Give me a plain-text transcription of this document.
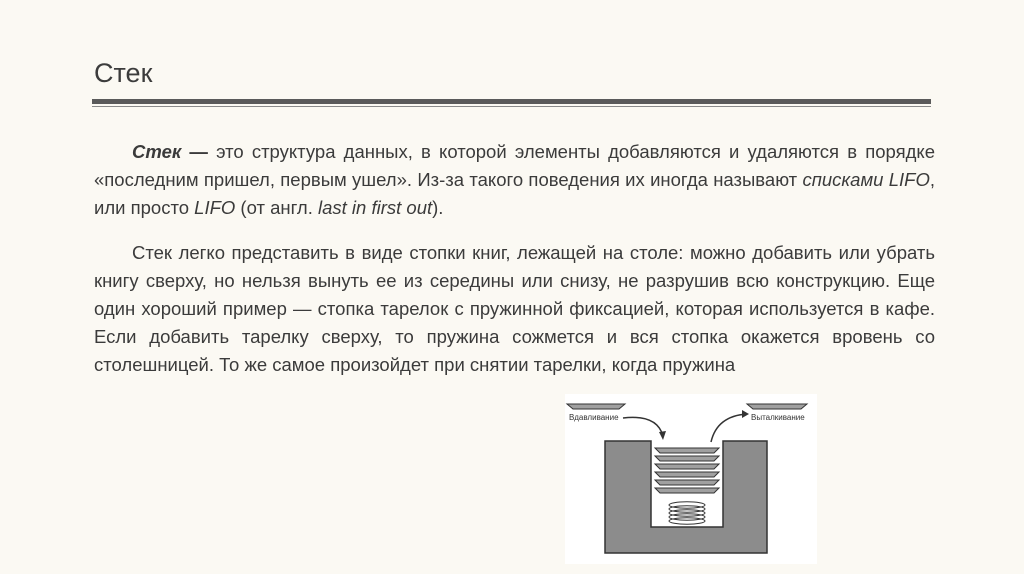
Стек

Стек — это структура данных, в которой элементы добавляются и удаляются в порядке «последним пришел, первым ушел». Из-за такого поведения их иногда называют списками LIFO, или просто LIFO (от англ. last in first out).

Стек легко представить в виде стопки книг, лежащей на столе: можно добавить или убрать книгу сверху, но нельзя вынуть ее из середины или снизу, не разрушив всю конструкцию. Еще один хороший пример — стопка тарелок с пружинной фиксацией, которая используется в кафе. Если добавить тарелку сверху, то пружина сожмется и вся стопка окажется вровень со столешницей. То же самое произойдет при снятии тарелки, когда пружина

Вдавливание	Выталкивание
